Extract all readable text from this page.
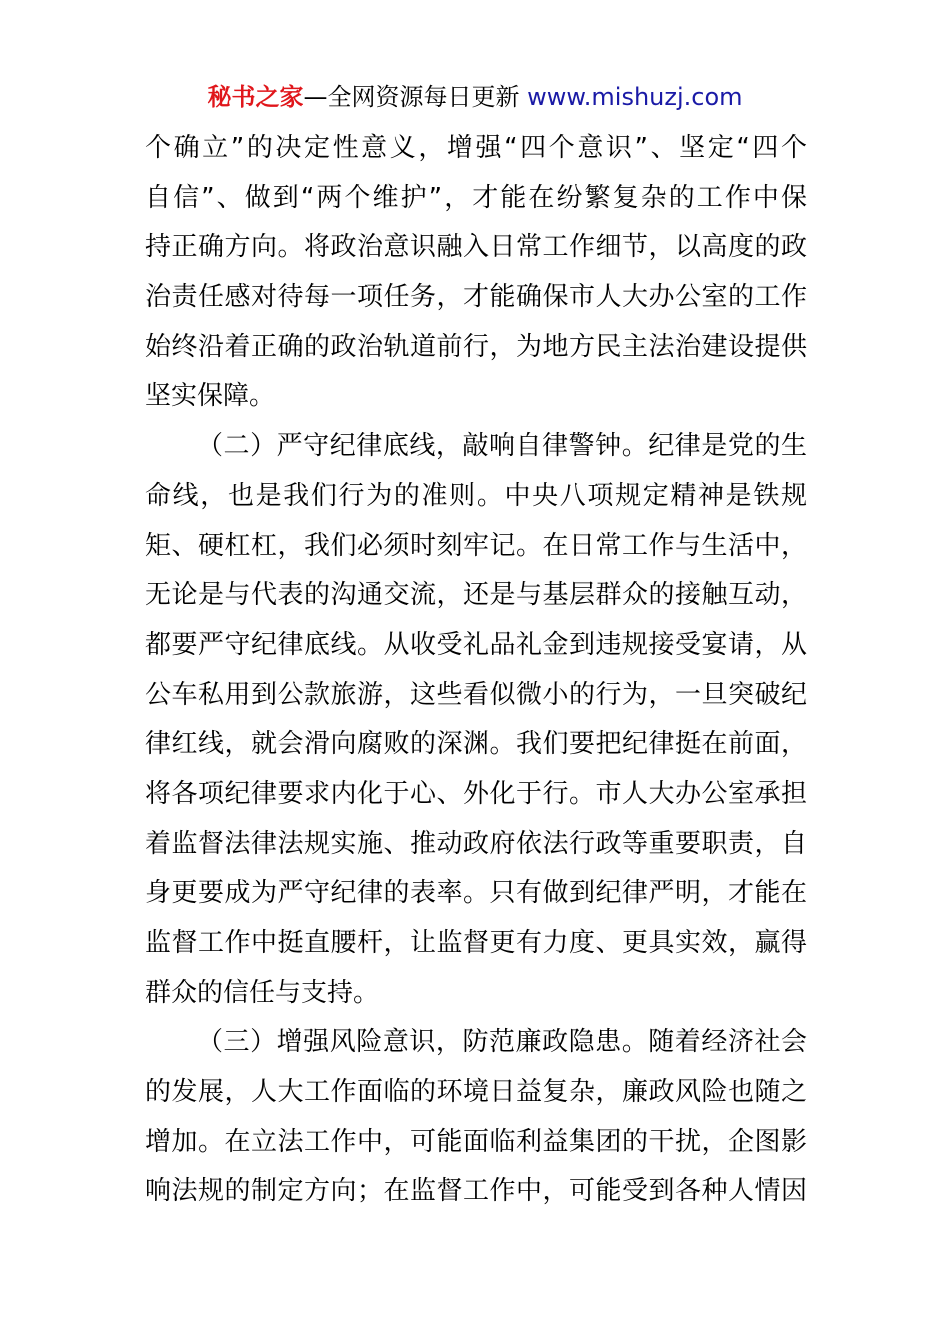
秘书之家—全网资源每日更新 www.mishuzj.com
个确立”的决定性意义，增强“四个意识”、坚定“四个
自信”、做到“两个维护”，才能在纷繁复杂的工作中保
持正确方向。将政治意识融入日常工作细节，以高度的政
治责任感对待每一项任务，才能确保市人大办公室的工作
始终沿着正确的政治轨道前行，为地方民主法治建设提供
坚实保障。
（二）严守纪律底线，敲响自律警钟。纪律是党的生
命线，也是我们行为的准则。中央八项规定精神是铁规
矩、硬杠杠，我们必须时刻牢记。在日常工作与生活中，
无论是与代表的沟通交流，还是与基层群众的接触互动，
都要严守纪律底线。从收受礼品礼金到违规接受宴请，从
公车私用到公款旅游，这些看似微小的行为，一旦突破纪
律红线，就会滑向腐败的深渊。我们要把纪律挺在前面，
将各项纪律要求内化于心、外化于行。市人大办公室承担
着监督法律法规实施、推动政府依法行政等重要职责，自
身更要成为严守纪律的表率。只有做到纪律严明，才能在
监督工作中挺直腰杆，让监督更有力度、更具实效，赢得
群众的信任与支持。
（三）增强风险意识，防范廉政隐患。随着经济社会
的发展，人大工作面临的环境日益复杂，廉政风险也随之
增加。在立法工作中，可能面临利益集团的干扰，企图影
响法规的制定方向；在监督工作中，可能受到各种人情因
